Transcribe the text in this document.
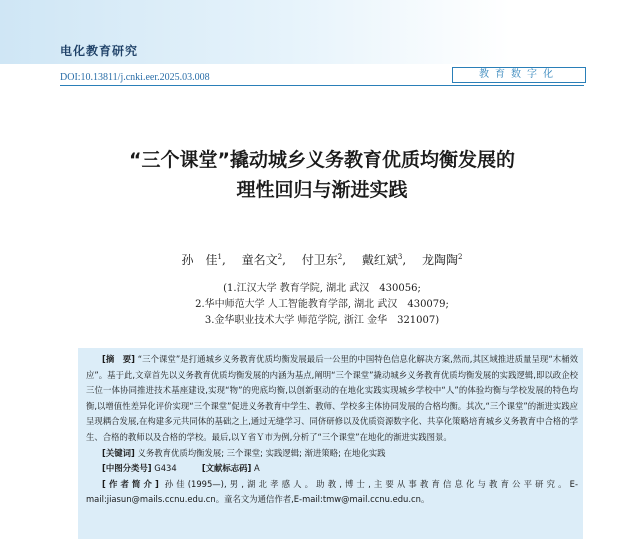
电化教育研究
DOI:10.13811/j.cnki.eer.2025.03.008	教育数字化
“三个课堂”撬动城乡义务教育优质均衡发展的
理性回归与渐进实践
孙　佳$^1$, 童名文$^2$, 付卫东$^2$, 戴红斌$^3$, 龙陶陶$^2$
(1.江汉大学 教育学院, 湖北 武汉　430056;
2.华中师范大学 人工智能教育学部, 湖北 武汉　430079;
3.金华职业技术大学 师范学院, 浙江 金华　321007)

[摘　要] “三个课堂”是打通城乡义务教育优质均衡发展最后一公里的中国特色信息化解决方案,然而,其区域推进质量呈现“木桶效应”。基于此,文章首先以义务教育优质均衡发展的内涵为基点,阐明“三个课堂”撬动城乡义务教育优质均衡发展的实践逻辑,即以政企校三位一体协同推进技术基座建设,实现“物”的兜底均衡,以创新驱动的在地化实践实现城乡学校中“人”的体验均衡与学校发展的特色均衡,以增值性差异化评价实现“三个课堂”促进义务教育中学生、教师、学校多主体协同发展的合格均衡。其次,“三个课堂”的渐进实践应呈现耦合发展,在构建多元共同体的基础之上,通过无缝学习、同侪研修以及优质资源数字化、共享化策略培育城乡义务教育中合格的学生、合格的教师以及合格的学校。最后,以Ｙ省Ｙ市为例,分析了“三个课堂”在地化的渐进实践图景。

[关键词] 义务教育优质均衡发展; 三个课堂; 实践逻辑; 渐进策略; 在地化实践

[中图分类号] G434　　　	[文献标志码] A

[作者简介] 孙佳(1995—),男,湖北孝感人。助教,博士,主要从事教育信息化与教育公平研究。E-mail:jiasun@mails.ccnu.edu.cn。童名文为通信作者,E-mail:tmw@mail.ccnu.edu.cn。
